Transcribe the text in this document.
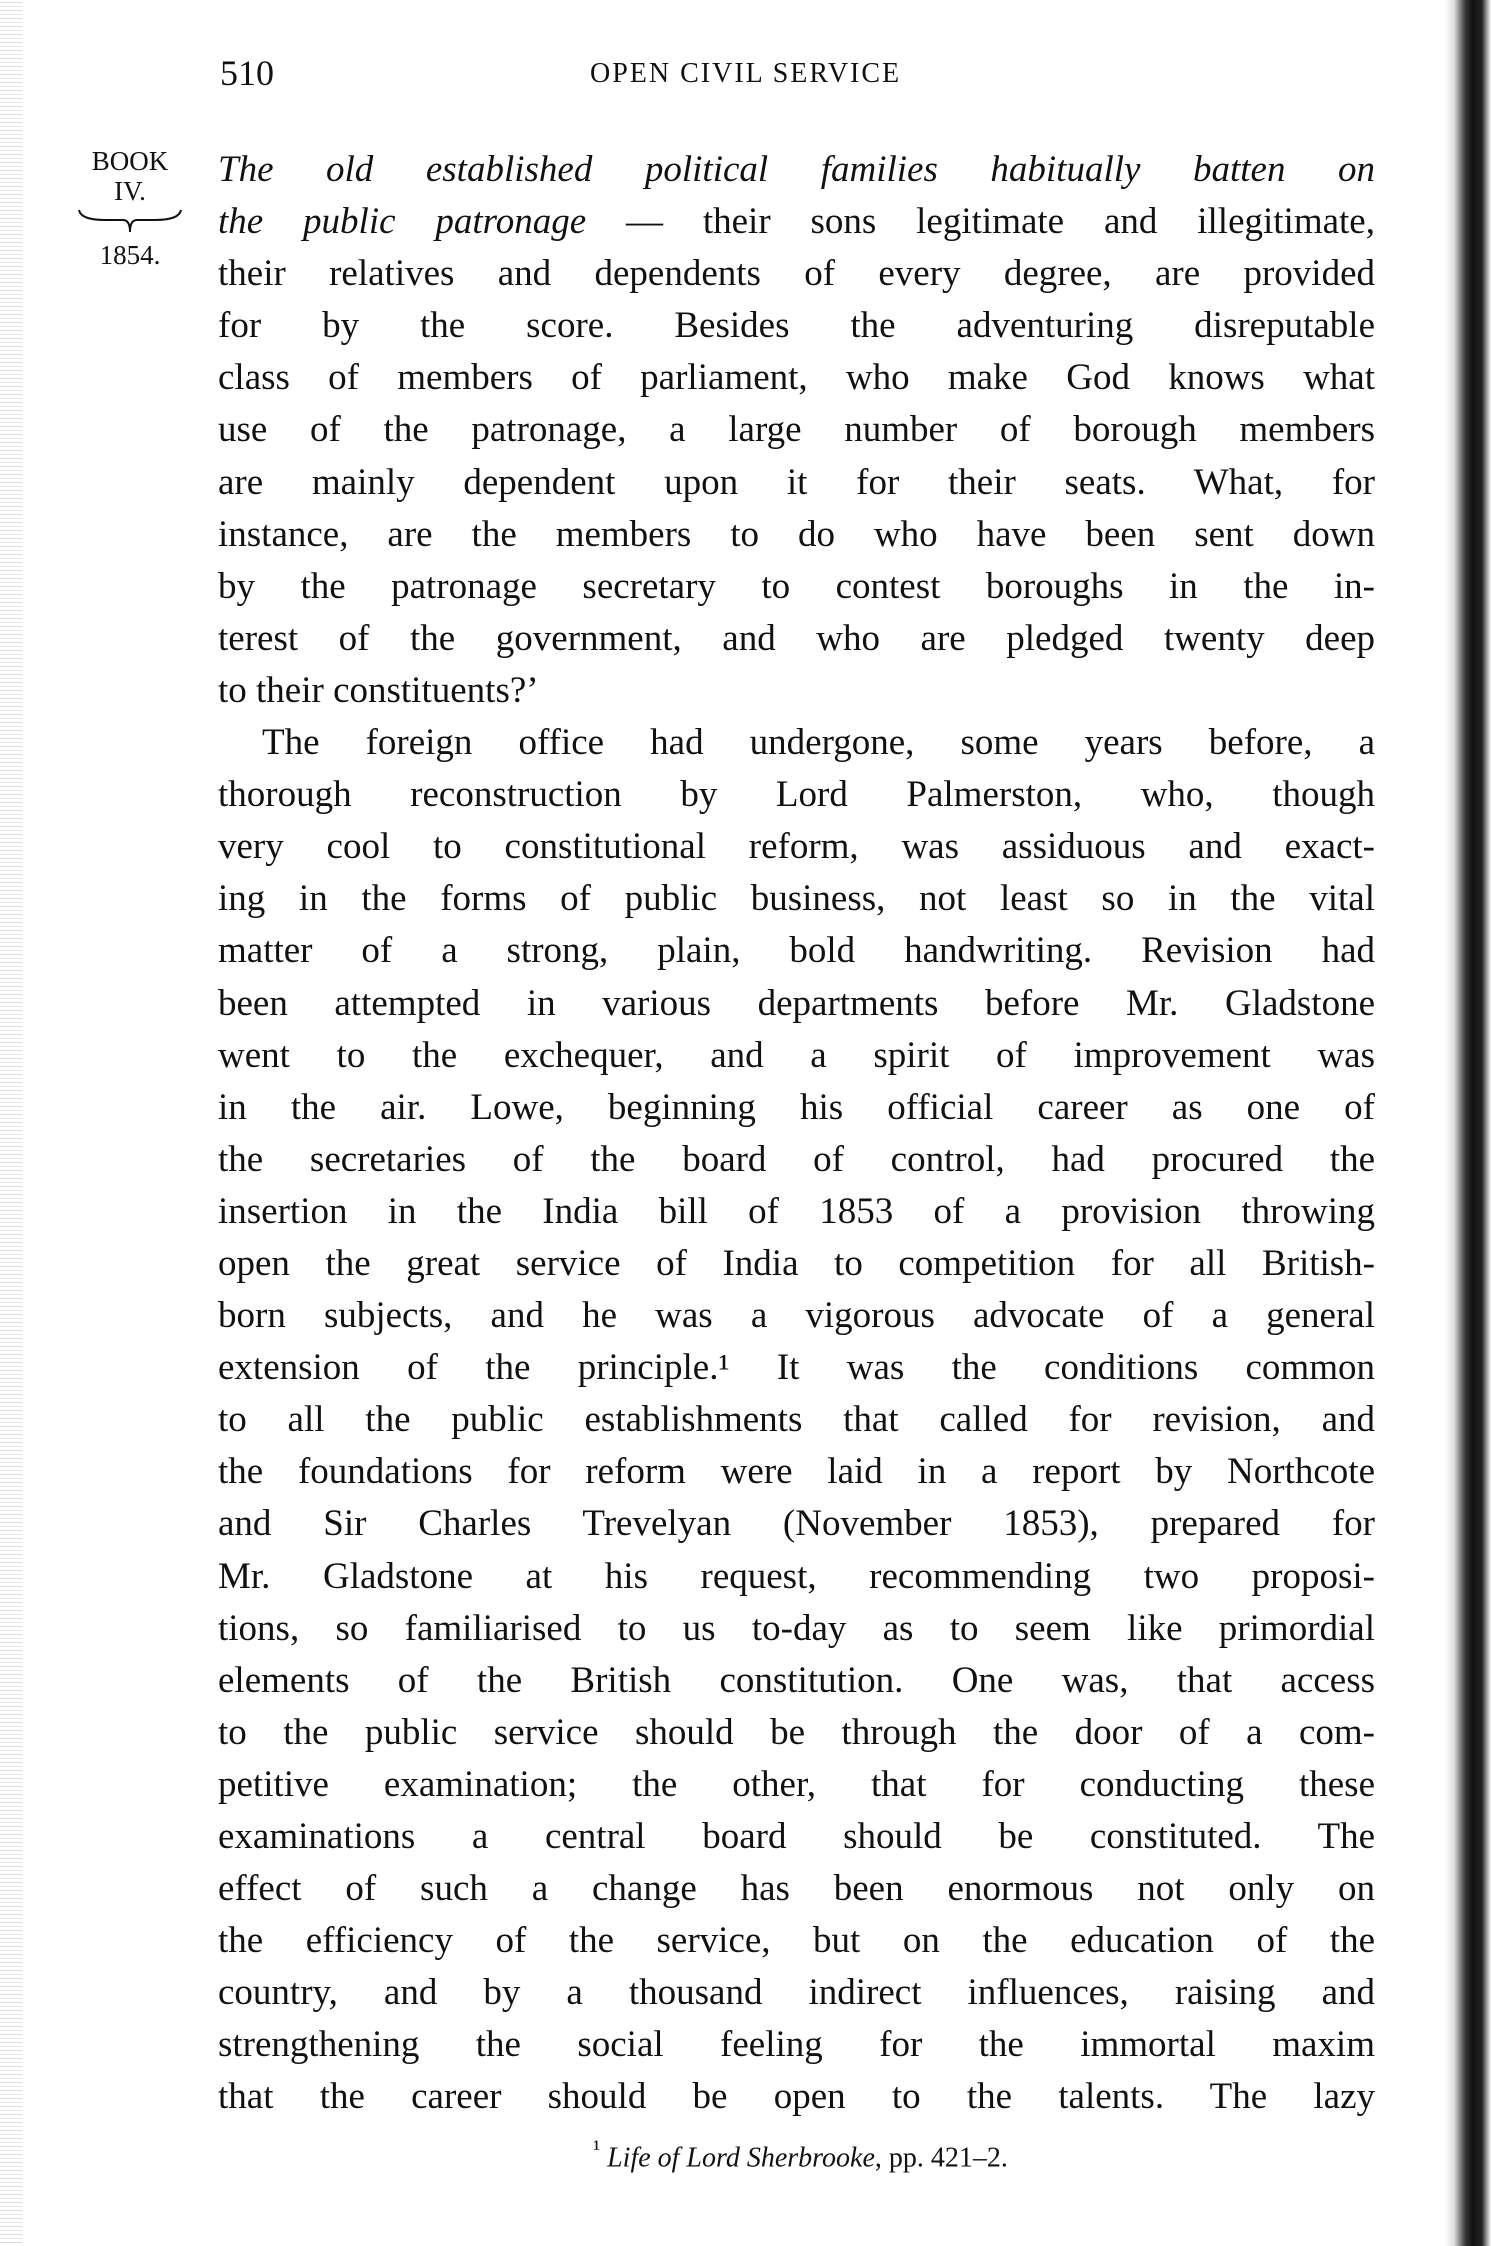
510	OPEN CIVIL SERVICE
BOOK
IV.
1854.
The old established political families habitually batten on
the public patronage — their sons legitimate and illegitimate,
their relatives and dependents of every degree, are provided
for by the score. Besides the adventuring disreputable
class of members of parliament, who make God knows what
use of the patronage, a large number of borough members
are mainly dependent upon it for their seats. What, for
instance, are the members to do who have been sent down
by the patronage secretary to contest boroughs in the in-
terest of the government, and who are pledged twenty deep
to their constituents?’
The foreign office had undergone, some years before, a
thorough reconstruction by Lord Palmerston, who, though
very cool to constitutional reform, was assiduous and exact-
ing in the forms of public business, not least so in the vital
matter of a strong, plain, bold handwriting. Revision had
been attempted in various departments before Mr. Gladstone
went to the exchequer, and a spirit of improvement was
in the air. Lowe, beginning his official career as one of
the secretaries of the board of control, had procured the
insertion in the India bill of 1853 of a provision throwing
open the great service of India to competition for all British-
born subjects, and he was a vigorous advocate of a general
extension of the principle.¹ It was the conditions common
to all the public establishments that called for revision, and
the foundations for reform were laid in a report by Northcote
and Sir Charles Trevelyan (November 1853), prepared for
Mr. Gladstone at his request, recommending two proposi-
tions, so familiarised to us to-day as to seem like primordial
elements of the British constitution. One was, that access
to the public service should be through the door of a com-
petitive examination; the other, that for conducting these
examinations a central board should be constituted. The
effect of such a change has been enormous not only on
the efficiency of the service, but on the education of the
country, and by a thousand indirect influences, raising and
strengthening the social feeling for the immortal maxim
that the career should be open to the talents. The lazy
$^{^1}$ Life of Lord Sherbrooke, pp. 421–2.
